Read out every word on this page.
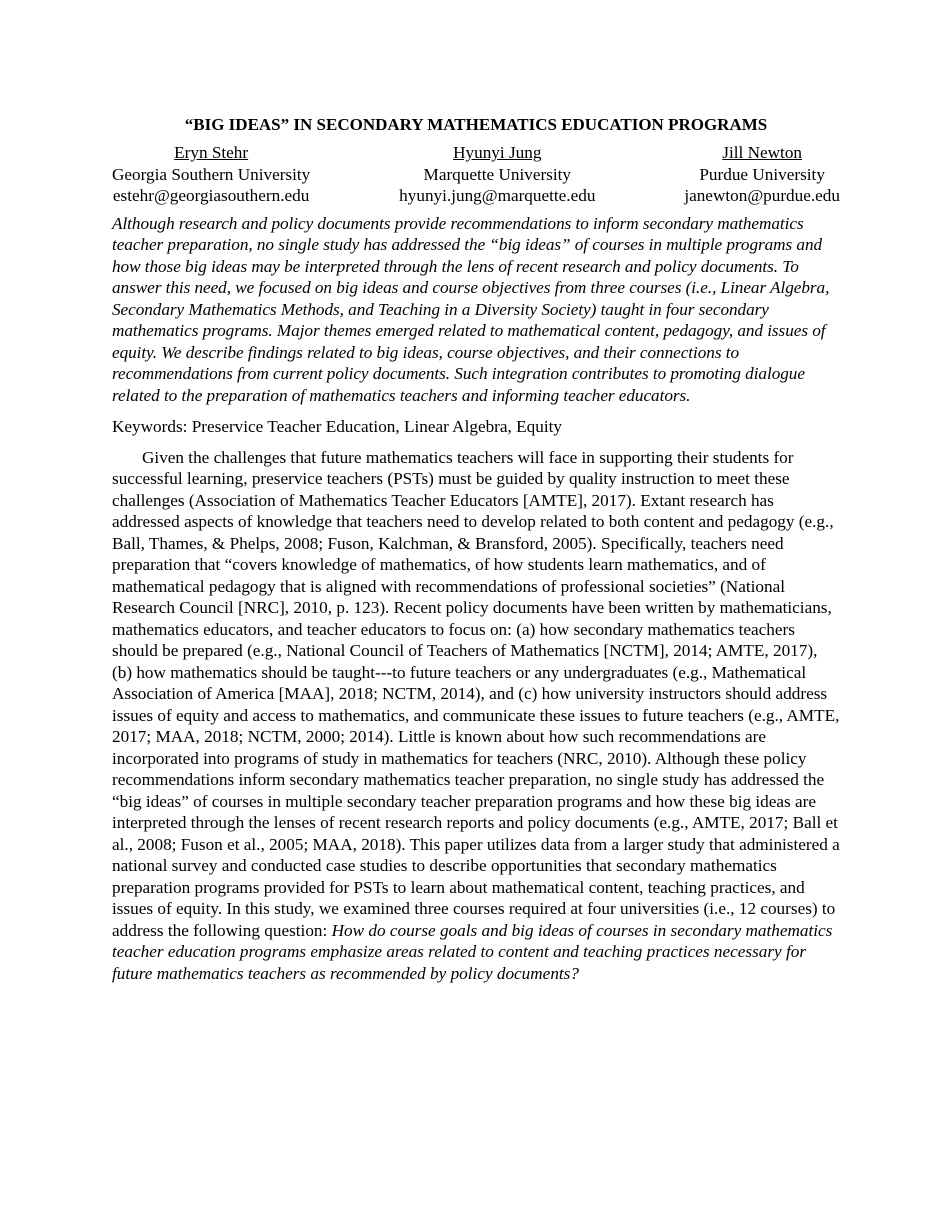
“BIG IDEAS” IN SECONDARY MATHEMATICS EDUCATION PROGRAMS
Eryn Stehr
Georgia Southern University
estehr@georgiasouthern.edu
Hyunyi Jung
Marquette University
hyunyi.jung@marquette.edu
Jill Newton
Purdue University
janewton@purdue.edu

Although research and policy documents provide recommendations to inform secondary mathematics teacher preparation, no single study has addressed the “big ideas” of courses in multiple programs and how those big ideas may be interpreted through the lens of recent research and policy documents. To answer this need, we focused on big ideas and course objectives from three courses (i.e., Linear Algebra, Secondary Mathematics Methods, and Teaching in a Diversity Society) taught in four secondary mathematics programs. Major themes emerged related to mathematical content, pedagogy, and issues of equity. We describe findings related to big ideas, course objectives, and their connections to recommendations from current policy documents. Such integration contributes to promoting dialogue related to the preparation of mathematics teachers and informing teacher educators.

Keywords: Preservice Teacher Education, Linear Algebra, Equity

Given the challenges that future mathematics teachers will face in supporting their students for successful learning, preservice teachers (PSTs) must be guided by quality instruction to meet these challenges (Association of Mathematics Teacher Educators [AMTE], 2017). Extant research has addressed aspects of knowledge that teachers need to develop related to both content and pedagogy (e.g., Ball, Thames, & Phelps, 2008; Fuson, Kalchman, & Bransford, 2005). Specifically, teachers need preparation that “covers knowledge of mathematics, of how students learn mathematics, and of mathematical pedagogy that is aligned with recommendations of professional societies” (National Research Council [NRC], 2010, p. 123). Recent policy documents have been written by mathematicians, mathematics educators, and teacher educators to focus on: (a) how secondary mathematics teachers should be prepared (e.g., National Council of Teachers of Mathematics [NCTM], 2014; AMTE, 2017), (b) how mathematics should be taught---to future teachers or any undergraduates (e.g., Mathematical Association of America [MAA], 2018; NCTM, 2014), and (c) how university instructors should address issues of equity and access to mathematics, and communicate these issues to future teachers (e.g., AMTE, 2017; MAA, 2018; NCTM, 2000; 2014). Little is known about how such recommendations are incorporated into programs of study in mathematics for teachers (NRC, 2010). Although these policy recommendations inform secondary mathematics teacher preparation, no single study has addressed the “big ideas” of courses in multiple secondary teacher preparation programs and how these big ideas are interpreted through the lenses of recent research reports and policy documents (e.g., AMTE, 2017; Ball et al., 2008; Fuson et al., 2005; MAA, 2018). This paper utilizes data from a larger study that administered a national survey and conducted case studies to describe opportunities that secondary mathematics preparation programs provided for PSTs to learn about mathematical content, teaching practices, and issues of equity. In this study, we examined three courses required at four universities (i.e., 12 courses) to address the following question: How do course goals and big ideas of courses in secondary mathematics teacher education programs emphasize areas related to content and teaching practices necessary for future mathematics teachers as recommended by policy documents?
